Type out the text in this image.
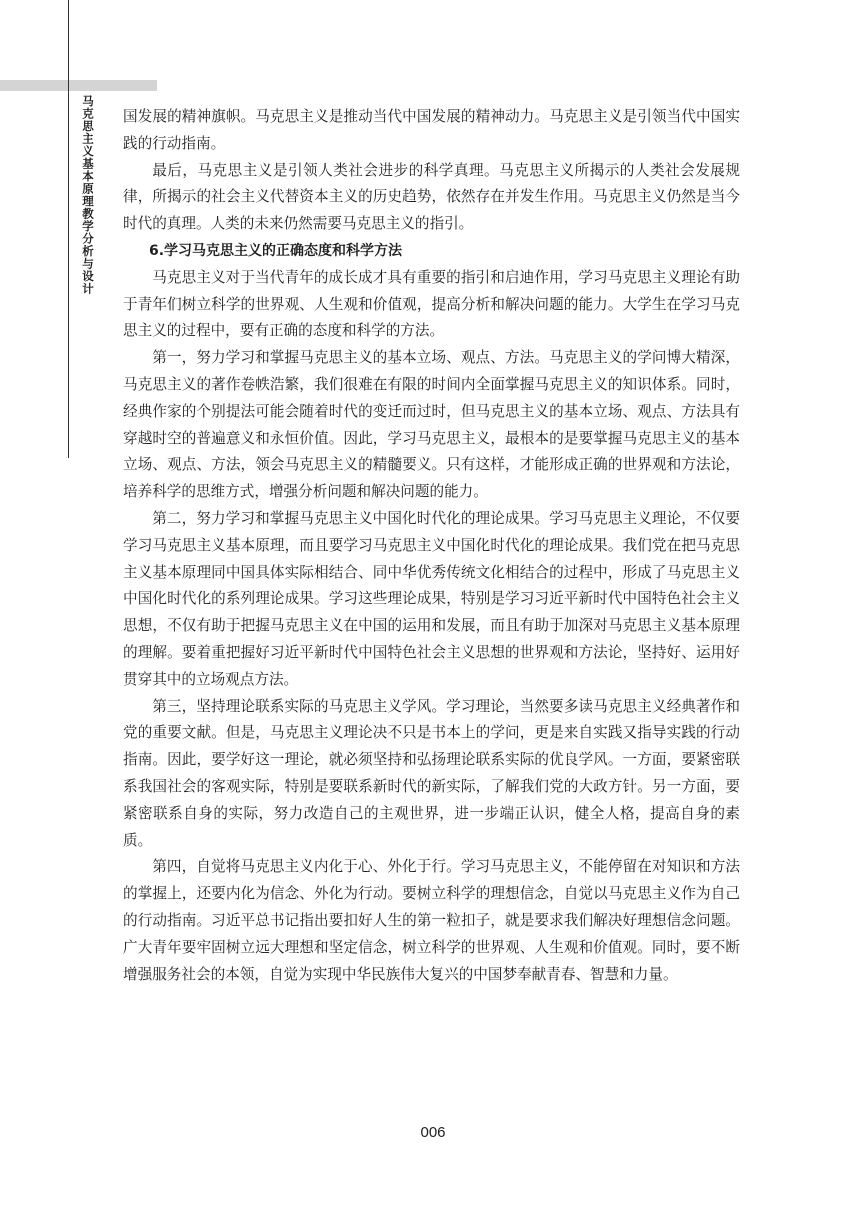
马克思主义基本原理教学分析与设计 国发展的精神旗帜。马克思主义是推动当代中国发展的精神动力。马克思主义是引领当代中国实践的行动指南。

最后，马克思主义是引领人类社会进步的科学真理。马克思主义所揭示的人类社会发展规律，所揭示的社会主义代替资本主义的历史趋势，依然存在并发生作用。马克思主义仍然是当今时代的真理。人类的未来仍然需要马克思主义的指引。

6.学习马克思主义的正确态度和科学方法

马克思主义对于当代青年的成长成才具有重要的指引和启迪作用，学习马克思主义理论有助于青年们树立科学的世界观、人生观和价值观，提高分析和解决问题的能力。大学生在学习马克思主义的过程中，要有正确的态度和科学的方法。

第一，努力学习和掌握马克思主义的基本立场、观点、方法。马克思主义的学问博大精深，马克思主义的著作卷帙浩繁，我们很难在有限的时间内全面掌握马克思主义的知识体系。同时，经典作家的个别提法可能会随着时代的变迁而过时，但马克思主义的基本立场、观点、方法具有穿越时空的普遍意义和永恒价值。因此，学习马克思主义，最根本的是要掌握马克思主义的基本立场、观点、方法，领会马克思主义的精髓要义。只有这样，才能形成正确的世界观和方法论，培养科学的思维方式，增强分析问题和解决问题的能力。

第二，努力学习和掌握马克思主义中国化时代化的理论成果。学习马克思主义理论，不仅要学习马克思主义基本原理，而且要学习马克思主义中国化时代化的理论成果。我们党在把马克思主义基本原理同中国具体实际相结合、同中华优秀传统文化相结合的过程中，形成了马克思主义中国化时代化的系列理论成果。学习这些理论成果，特别是学习习近平新时代中国特色社会主义思想，不仅有助于把握马克思主义在中国的运用和发展，而且有助于加深对马克思主义基本原理的理解。要着重把握好习近平新时代中国特色社会主义思想的世界观和方法论，坚持好、运用好贯穿其中的立场观点方法。

第三，坚持理论联系实际的马克思主义学风。学习理论，当然要多读马克思主义经典著作和党的重要文献。但是，马克思主义理论决不只是书本上的学问，更是来自实践又指导实践的行动指南。因此，要学好这一理论，就必须坚持和弘扬理论联系实际的优良学风。一方面，要紧密联系我国社会的客观实际，特别是要联系新时代的新实际，了解我们党的大政方针。另一方面，要紧密联系自身的实际，努力改造自己的主观世界，进一步端正认识，健全人格，提高自身的素质。

第四，自觉将马克思主义内化于心、外化于行。学习马克思主义，不能停留在对知识和方法的掌握上，还要内化为信念、外化为行动。要树立科学的理想信念，自觉以马克思主义作为自己的行动指南。习近平总书记指出要扣好人生的第一粒扣子，就是要求我们解决好理想信念问题。广大青年要牢固树立远大理想和坚定信念，树立科学的世界观、人生观和价值观。同时，要不断增强服务社会的本领，自觉为实现中华民族伟大复兴的中国梦奉献青春、智慧和力量。

006
